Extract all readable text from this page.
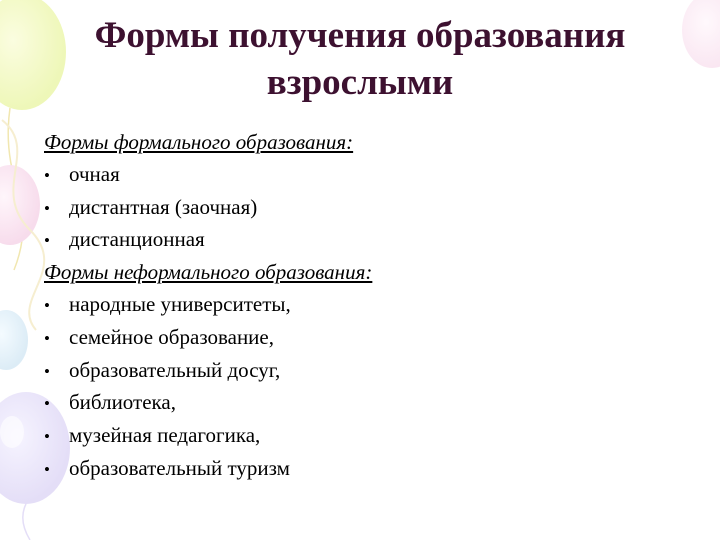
Формы получения образования
взрослыми
Формы формального образования:
• очная
• дистантная (заочная)
• дистанционная
Формы неформального образования:
• народные университеты,
• семейное образование,
• образовательный досуг,
• библиотека,
• музейная педагогика,
• образовательный туризм
